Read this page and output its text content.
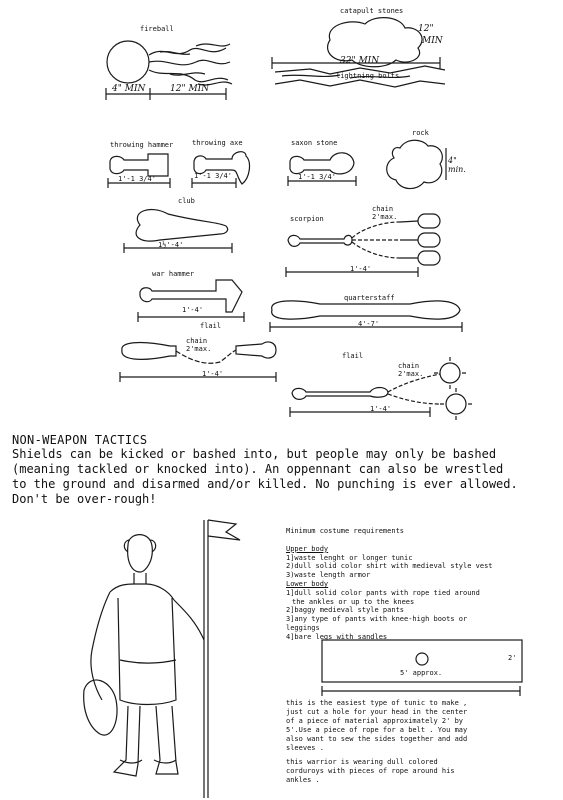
fireball
4" MIN	12" MIN
catapult stones
12"
MIN
32" MIN
lightning bolts
throwing hammer
1'-1 3/4'
throwing axe
1'-1 3/4'
saxon stone
1'-1 3/4'
rock
4" min.
club
1½'-4'
scorpion
chain 2'max.
1'-4'
war hammer
1'-4'
quarterstaff
4'-7'
flail
chain 2'max.
1'-4'
flail
chain 2'max.
1'-4'
NON-WEAPON TACTICS
Shields can be kicked or bashed into, but people may only be bashed
(meaning tackled or knocked into). An oppennant can also be wrestled
to the ground and disarmed and/or killed. No punching is ever allowed.
Don't be over-rough!
Minimum costume requirements
Upper body
1]waste lenght or longer tunic
2)dull solid color shirt with medieval style vest
3)waste length armor
Lower body
1]dull solid color pants with rope tied around
the ankles or up to the knees
2]baggy medieval style pants
3]any type of pants with knee-high boots or
leggings
4]bare legs with sandles
2'
5' approx.
this is the easiest type of tunic to make , just cut a hole for your head in the center of a piece of material approximately 2' by 5'.Use a piece of rope for a belt . You may also want to sew the sides together and add sleeves .
this warrior is wearing dull colored corduroys with pieces of rope around his ankles .
